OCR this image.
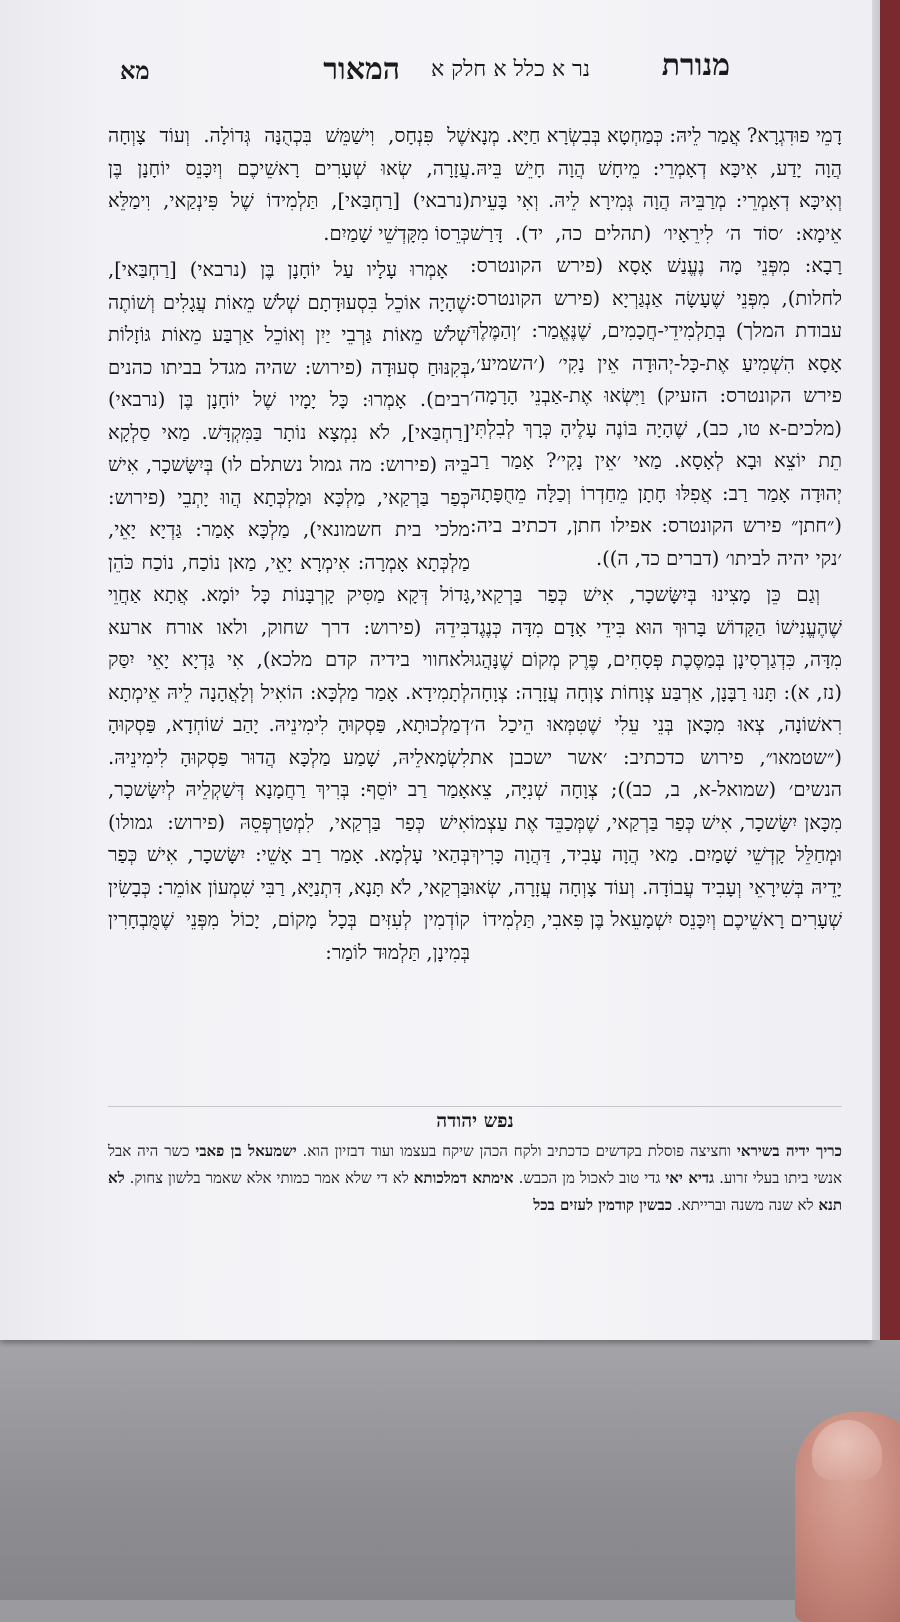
מנורת
נר א כלל א חלק א
המאור
מא

דָמֵי פוּדִגְרָא? אֲמַר לֵיהּ: כְּמַחְטָא בְּבִשְׂרָא חַיָּא. מְנָא הֲוָה יָדַע, אִיכָּא דְאָמְרֵי: מֵיחָשׁ הֲוָה חָיֵשׁ בֵּיהּ. וְאִיכָּא דְאָמְרֵי: מְרַבֵּיהּ הֲוָה גְּמִירָא לֵיהּ. וְאִי בָּעֵית אֵימָא: ׳סוֹד ה׳ לִירֵאָיו׳ (תהלים כה, יד). דָּרַשׁ רָבָא: מִפְּנֵי מָה נֶעֱנַשׁ אָסָא (פירש הקונטרס: לחלות), מִפְּנֵי שֶׁעָשָׂה אַנְגַּרְיָא (פירש הקונטרס: עבודת המלך) בְּתַלְמִידֵי-חֲכָמִים, שֶׁנֶּאֱמַר: ׳וְהַמֶּלֶךְ אָסָא הִשְׁמִיעַ אֶת-כָּל-יְהוּדָה אֵין נָקִי׳ (׳השמיע׳, פירש הקונטרס: הזעיק) וַיִּשְׂאוּ אֶת-אַבְנֵי הָרָמָה׳ (מלכים-א טו, כב), שֶׁהָיָה בּוֹנֶה עָלֶיהָ כְּרָךְ לְבִלְתִּי תֵת יוֹצֵא וּבָא לְאָסָא. מַאי ׳אֵין נָקִי׳? אָמַר רַב יְהוּדָה אָמַר רַב: אֲפִלּוּ חָתָן מֵחַדְרוֹ וְכַלָּה מֵחֻפָּתָהּ (״חתן״ פירש הקונטרס: אפילו חתן, דכתיב ביה: ׳נקי יהיה לביתו׳ (דברים כד, ה)).

וְגַם כֵּן מָצִינוּ בְּיִשָּׂשכָר, אִישׁ כְּפַר בַּרְקַאי, שֶׁהֶעֱנִישׁוֹ הַקָּדוֹשׁ בָּרוּךְ הוּא בִּידֵי אָדָם מִדָּה כְּנֶגֶד מִדָּה, כִּדְגַרְסִינָן בְּמַסֶּכֶת פְּסָחִים, פֶּרֶק מְקוֹם שֶׁנָּהֲגוּ (נז, א): תָּנוּ רַבָּנָן, אַרְבַּע צְוָחוֹת צָוְחָה עֲזָרָה: צְוָחָה רִאשׁוֹנָה, צְאוּ מִכָּאן בְּנֵי עֵלִי שֶׁטִּמְּאוּ הֵיכַל ה׳ (״שטמאו״, פירוש כדכתיב: ׳אשר ישכבן את הנשים׳ (שמואל-א, ב, כב)); צְוָחָה שְׁנִיָּה, צֵא מִכָּאן יִשָּׂשכָר, אִישׁ כְּפַר בַּרְקַאי, שֶׁמְּכַבֵּד אֶת עַצְמוֹ וּמְחַלֵּל קָדְשֵׁי שָׁמַיִם. מַאי הֲוָה עָבִיד, דַּהֲוָה כָּרִיךְ יָדֵיהּ בְּשִׁירָאֵי וְעָבִיד עֲבוֹדָה. וְעוֹד צָוְחָה עֲזָרָה, שְׂאוּ שְׁעָרִים רָאשֵׁיכֶם וְיִכָּנֵס יִשְׁמָעֵאל בֶּן פִּאבִי, תַּלְמִידוֹ

שֶׁל פִּנְחָס, וִישַׁמֵּשׁ בִּכְהֻנָּה גְּדוֹלָה. וְעוֹד צָוְחָה עֲזָרָה, שְׂאוּ שְׁעָרִים רָאשֵׁיכֶם וְיִכָּנֵס יוֹחָנָן בֶּן (נרבאי) [רַחְבַּאי], תַּלְמִידוֹ שֶׁל פִּינְקַאי, וִימַלֵּא כְּרֵסוֹ מִקָּדְשֵׁי שָׁמַיִם.

אָמְרוּ עָלָיו עַל יוֹחָנָן בֶּן (נרבאי) [רַחְבַּאי], שֶׁהָיָה אוֹכֵל בִּסְעוּדָתָם שְׁלֹשׁ מֵאוֹת עֲגָלִים וְשׁוֹתֶה שְׁלֹשׁ מֵאוֹת גַּרְבֵי יַיִן וְאוֹכֵל אַרְבַּע מֵאוֹת גּוֹזָלוֹת בְּקִנּוּחַ סְעוּדָה (פירוש: שהיה מגדל בביתו כהנים רבים). אָמְרוּ: כָּל יָמָיו שֶׁל יוֹחָנָן בֶּן (נרבאי) [רַחְבַּאי], לֹא נִמְצָא נוֹתָר בַּמִּקְדָּשׁ. מַאי סַלְקָא בֵּיהּ (פירוש: מה גמול נשתלם לו) בְּיִשָּׂשכָר, אִישׁ כְּפַר בַּרְקַאי, מַלְכָּא וּמַלְכְּתָא הֲווּ יָתְבֵי (פירוש: מלכי בית חשמונאי), מַלְכָּא אָמַר: גַּדְיָא יָאֵי, מַלְכְּתָא אָמְרָה: אִימְרָא יָאֵי, מַאן נוֹכַח, נוֹכַח כֹּהֵן גָּדוֹל דְּקָא מַסִּיק קָרְבָּנוֹת כָּל יוֹמָא. אֲתָא אַחֲוֵי בִּידֵהּ (פירוש: דרך שחוק, ולאו אורח ארעא לאחווי בידיה קדם מלכא), אִי גַּדְיָא יָאֵי יִסַּק לְתָמִידָא. אָמַר מַלְכָּא: הוֹאִיל וְלָאֲהָנָה לֵיהּ אֵימְתָא דְמַלְכוּתָא, פַּסְקוּהָ לִימִינֵיהּ. יָהַב שׁוֹחְדָא, פַּסְקוּהָ לִשְׂמָאלֵיהּ, שָׁמַע מַלְכָּא הֲדוּר פַּסְקוּהָ לִימִינֵיהּ. אָמַר רַב יוֹסֵף: בְּרִיךְ רַחֲמָנָא דְּשַׁקְלֵיהּ לְיִשָּׂשכָר, אִישׁ כְּפַר בַּרְקַאי, לִמְטַרְפְּסֵהּ (פירוש: גמולו) בְּהַאי עָלְמָא. אָמַר רַב אָשֵׁי: יִשָּׂשכָר, אִישׁ כְּפַר בַּרְקַאי, לֹא תָּנָא, דִּתְנַיָּא, רַבִּי שִׁמְעוֹן אוֹמֵר: כְּבָשִׂין קוֹדְמִין לְעִזִּים בְּכָל מָקוֹם, יָכוֹל מִפְּנֵי שֶׁמֻּבְחָרִין בְּמִינָן, תַּלְמוּד לוֹמַר:

נפש יהודה
כריך ידיה בשיראי וחציצה פוסלת בקדשים כדכתיב ולקח הכהן שיקח בעצמו ועוד דבזיון הוא. ישמעאל בן פאבי כשר היה אבל אנשי ביתו בעלי זרוע. גדיא יאי גדי טוב לאכול מן הכבש. אימתא דמלכותא לא די שלא אמר כמותי אלא שאמר בלשון צחוק. לא תנא לא שנה משנה וברייתא. כבשין קודמין לעזים בכל
